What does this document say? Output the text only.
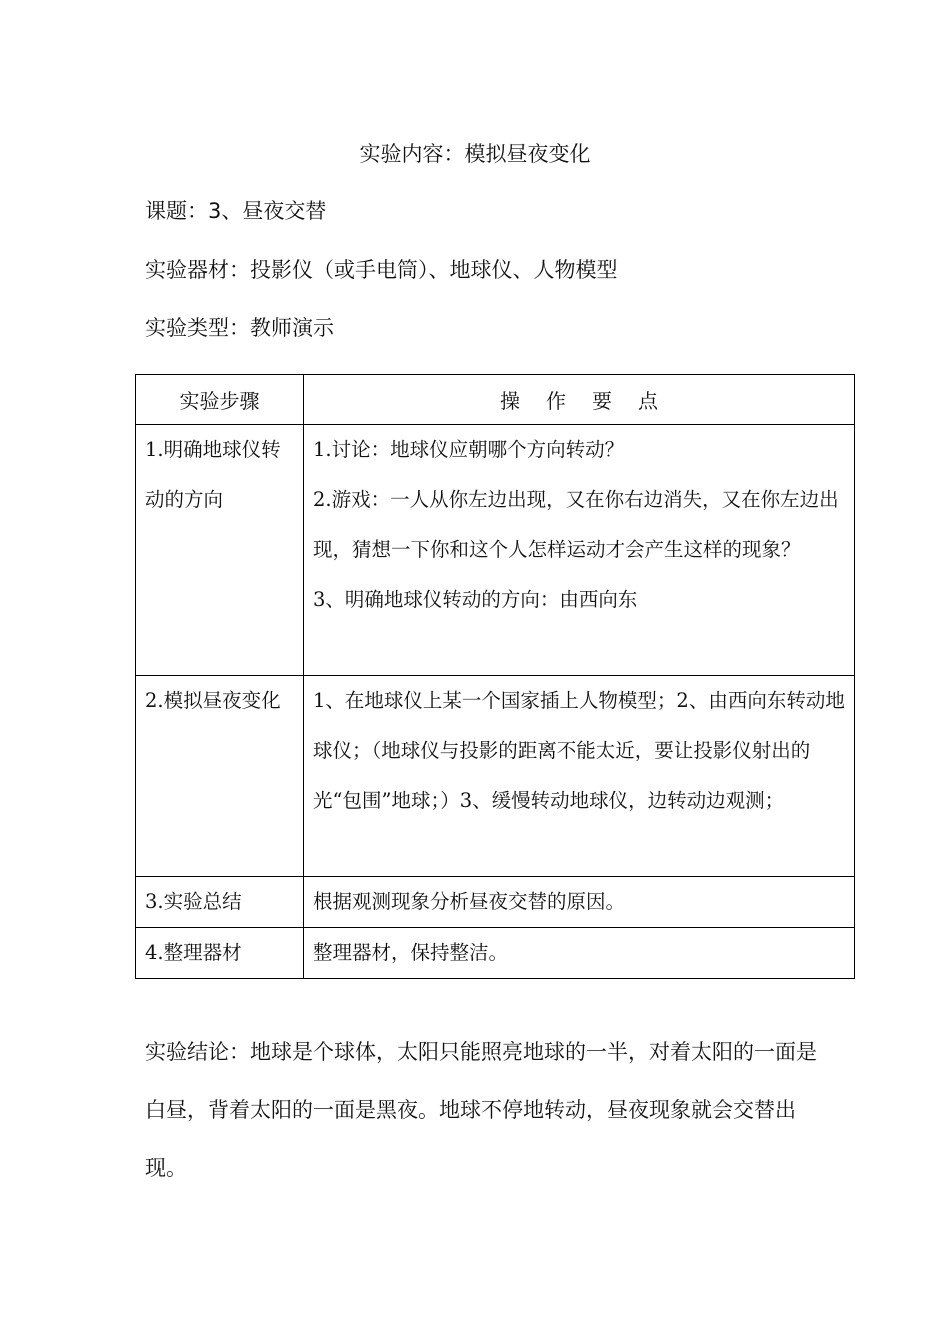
实验内容：模拟昼夜变化
课题：3、昼夜交替
实验器材：投影仪（或手电筒）、地球仪、人物模型
实验类型：教师演示
实验步骤	操作要点
1.明确地球仪转动的方向	1.讨论：地球仪应朝哪个方向转动？

2.游戏：一人从你左边出现，又在你右边消失，又在你左边出现，猜想一下你和这个人怎样运动才会产生这样的现象？

3、明确地球仪转动的方向：由西向东

2.模拟昼夜变化	1、在地球仪上某一个国家插上人物模型；2、由西向东转动地球仪；（地球仪与投影的距离不能太近，要让投影仪射出的光“包围”地球；）3、缓慢转动地球仪，边转动边观测；

3.实验总结	根据观测现象分析昼夜交替的原因。

4.整理器材	整理器材，保持整洁。

实验结论：地球是个球体，太阳只能照亮地球的一半，对着太阳的一面是白昼，背着太阳的一面是黑夜。地球不停地转动，昼夜现象就会交替出现。
